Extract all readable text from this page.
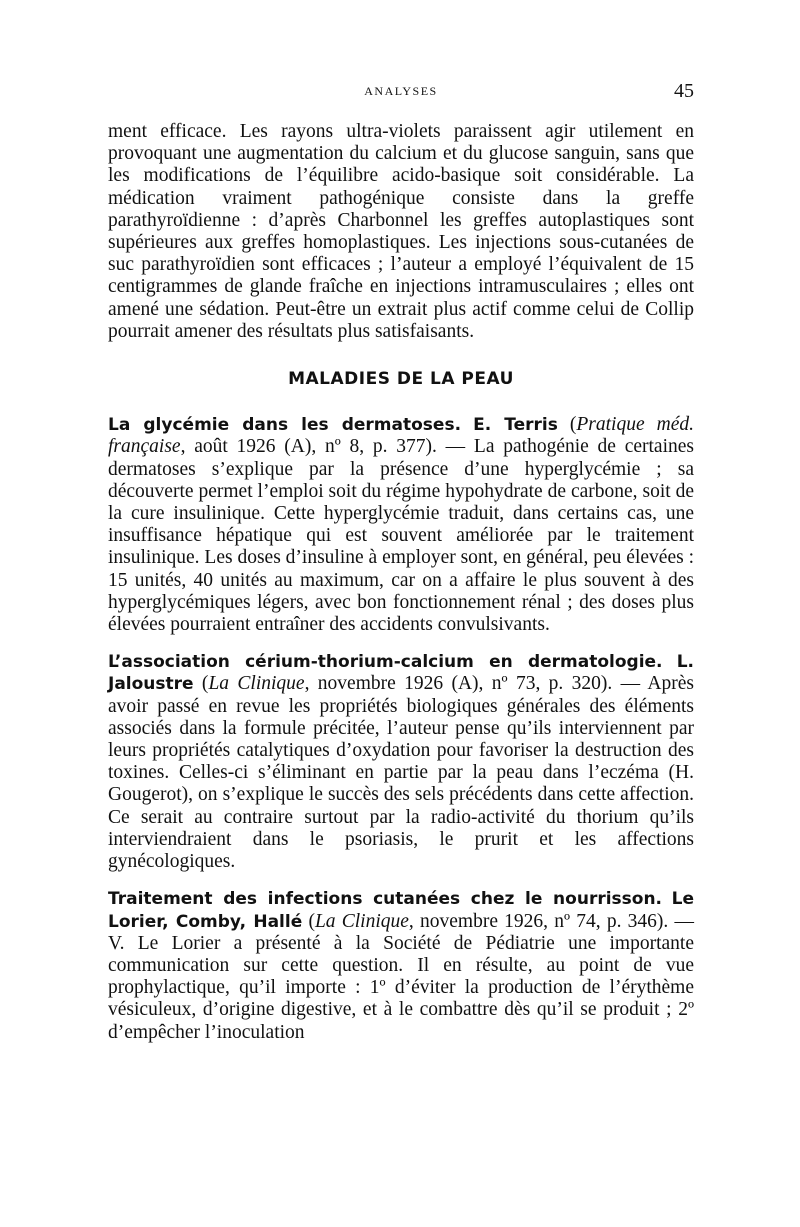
ANALYSES	45

ment efficace. Les rayons ultra-violets paraissent agir utilement en provoquant une augmentation du calcium et du glucose sanguin, sans que les modifications de l’équilibre acido-basique soit considérable. La médication vraiment pathogénique consiste dans la greffe parathyroïdienne : d’après Charbonnel les greffes autoplastiques sont supérieures aux greffes homoplastiques. Les injections sous-cutanées de suc parathyroïdien sont efficaces ; l’auteur a employé l’équivalent de 15 centigrammes de glande fraîche en injections intramusculaires ; elles ont amené une sédation. Peut-être un extrait plus actif comme celui de Collip pourrait amener des résultats plus satisfaisants.

MALADIES DE LA PEAU

La glycémie dans les dermatoses. E. Terris (Pratique méd. française, août 1926 (A), nº 8, p. 377). — La pathogénie de certaines dermatoses s’explique par la présence d’une hyperglycémie ; sa découverte permet l’emploi soit du régime hypohydrate de carbone, soit de la cure insulinique. Cette hyperglycémie traduit, dans certains cas, une insuffisance hépatique qui est souvent améliorée par le traitement insulinique. Les doses d’insuline à employer sont, en général, peu élevées : 15 unités, 40 unités au maximum, car on a affaire le plus souvent à des hyperglycémiques légers, avec bon fonctionnement rénal ; des doses plus élevées pourraient entraîner des accidents convulsivants.

L’association cérium-thorium-calcium en dermatologie. L. Jaloustre (La Clinique, novembre 1926 (A), nº 73, p. 320). — Après avoir passé en revue les propriétés biologiques générales des éléments associés dans la formule précitée, l’auteur pense qu’ils interviennent par leurs propriétés catalytiques d’oxydation pour favoriser la destruction des toxines. Celles-ci s’éliminant en partie par la peau dans l’eczéma (H. Gougerot), on s’explique le succès des sels précédents dans cette affection. Ce serait au contraire surtout par la radio-activité du thorium qu’ils interviendraient dans le psoriasis, le prurit et les affections gynécologiques.

Traitement des infections cutanées chez le nourrisson. Le Lorier, Comby, Hallé (La Clinique, novembre 1926, nº 74, p. 346). — V. Le Lorier a présenté à la Société de Pédiatrie une importante communication sur cette question. Il en résulte, au point de vue prophylactique, qu’il importe : 1º d’éviter la production de l’érythème vésiculeux, d’origine digestive, et à le combattre dès qu’il se produit ; 2º d’empêcher l’inoculation
